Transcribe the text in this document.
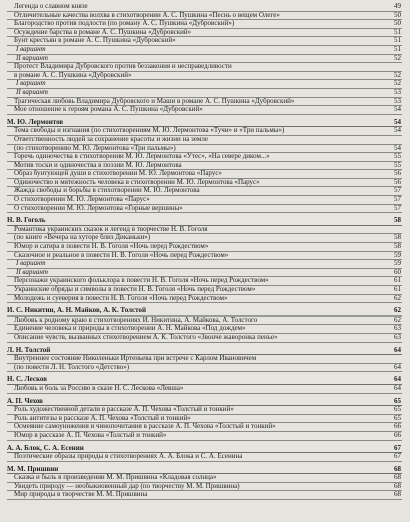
Легенда о славном князе	49
Отличительные качества волхва в стихотворении А. С. Пушкина «Песнь о вещем Олеге»	50
Благородство против подлости (по роману А. С. Пушкина «Дубровский»)	50
Осуждение барства в романе А. С. Пушкина «Дубровский»	51
Бунт крестьян в романе А. С. Пушкина «Дубровский»	51
I вариант	51
II вариант	52
Протест Владимира Дубровского против беззакония и несправедливости
в романе А. С. Пушкина «Дубровский»	52
I вариант	52
II вариант	53
Трагическая любовь Владимира Дубровского и Маши в романе А. С. Пушкина «Дубровский»	53
Мое отношение к героям романа А. С. Пушкина «Дубровский»	54
М. Ю. Лермонтов	54
Тема свободы и изгнания (по стихотворениям М. Ю. Лермонтова «Тучи» и «Три пальмы»)	54
Ответственность людей за сохранение красоты и жизни на земле
(по стихотворению М. Ю. Лермонтова «Три пальмы»)	54
Горечь одиночества в стихотворении М. Ю. Лермонтова «Утес», «На севере диком...»	55
Мотив тоски и одиночества в поэзии М. Ю. Лермонтова	55
Образ бунтующей души в стихотворении М. Ю. Лермонтова «Парус»	56
Одиночество и мятежность человека в стихотворении М. Ю. Лермонтова «Парус»	56
Жажда свободы и борьбы в стихотворении М. Ю. Лермонтова	57
О стихотворении М. Ю. Лермонтова «Парус»	57
О стихотворении М. Ю. Лермонтова «Горные вершины»	57
Н. В. Гоголь	58
Романтика украинских сказок и легенд в творчестве Н. В. Гоголя
(по книге «Вечера на хуторе близ Диканьки»)	58
Юмор и сатира в повести Н. В. Гоголя «Ночь перед Рождеством»	58
Сказочное и реальное в повести Н. В. Гоголя «Ночь перед Рождеством»	59
I вариант	59
II вариант	60
Персонажи украинского фольклора в повести Н. В. Гоголя «Ночь перед Рождеством»	61
Украинские обряды и символы в повести Н. В. Гоголя «Ночь перед Рождеством»	61
Молодежь и суеверия в повести Н. В. Гоголя «Ночь перед Рождеством»	62
И. С. Никитин, А. Н. Майков, А. К. Толстой	62
Любовь к родному краю в стихотворениях И. Никитина, А. Майкова, А. Толстого	62
Единение человека и природы в стихотворении А. Н. Майкова «Под дождем»	63
Описание чувств, вызванных стихотворением А. К. Толстого «Звонче жаворонка пенье»	63
Л. Н. Толстой	64
Внутреннее состояние Николеньки Иртеньева при встрече с Карлом Ивановичем
(по повести Л. Н. Толстого «Детство»)	64
Н. С. Лесков	64
Любовь и боль за Россию в сказе Н. С. Лескова «Левша»	64
А. П. Чехов	65
Роль художественной детали в рассказе А. П. Чехова «Толстый и тонкий»	65
Роль антитезы в рассказе А. П. Чехова «Толстый и тонкий»	65
Осмеяние самоунижения и чинопочитания в рассказе А. П. Чехова «Толстый и тонкий»	66
Юмор в рассказе А. П. Чехова «Толстый и тонкий»	66
А. А. Блок, С. А. Есенин	67
Поэтические образы природы в стихотворениях А. А. Блока и С. А. Есенина	67
М. М. Пришвин	68
Сказка и быль в произведении М. М. Пришвина «Кладовая солнца»	68
Увидеть природу — необыкновенный дар (по творчеству М. М. Пришвина)	68
Мир природы в творчестве М. М. Пришвина	68
